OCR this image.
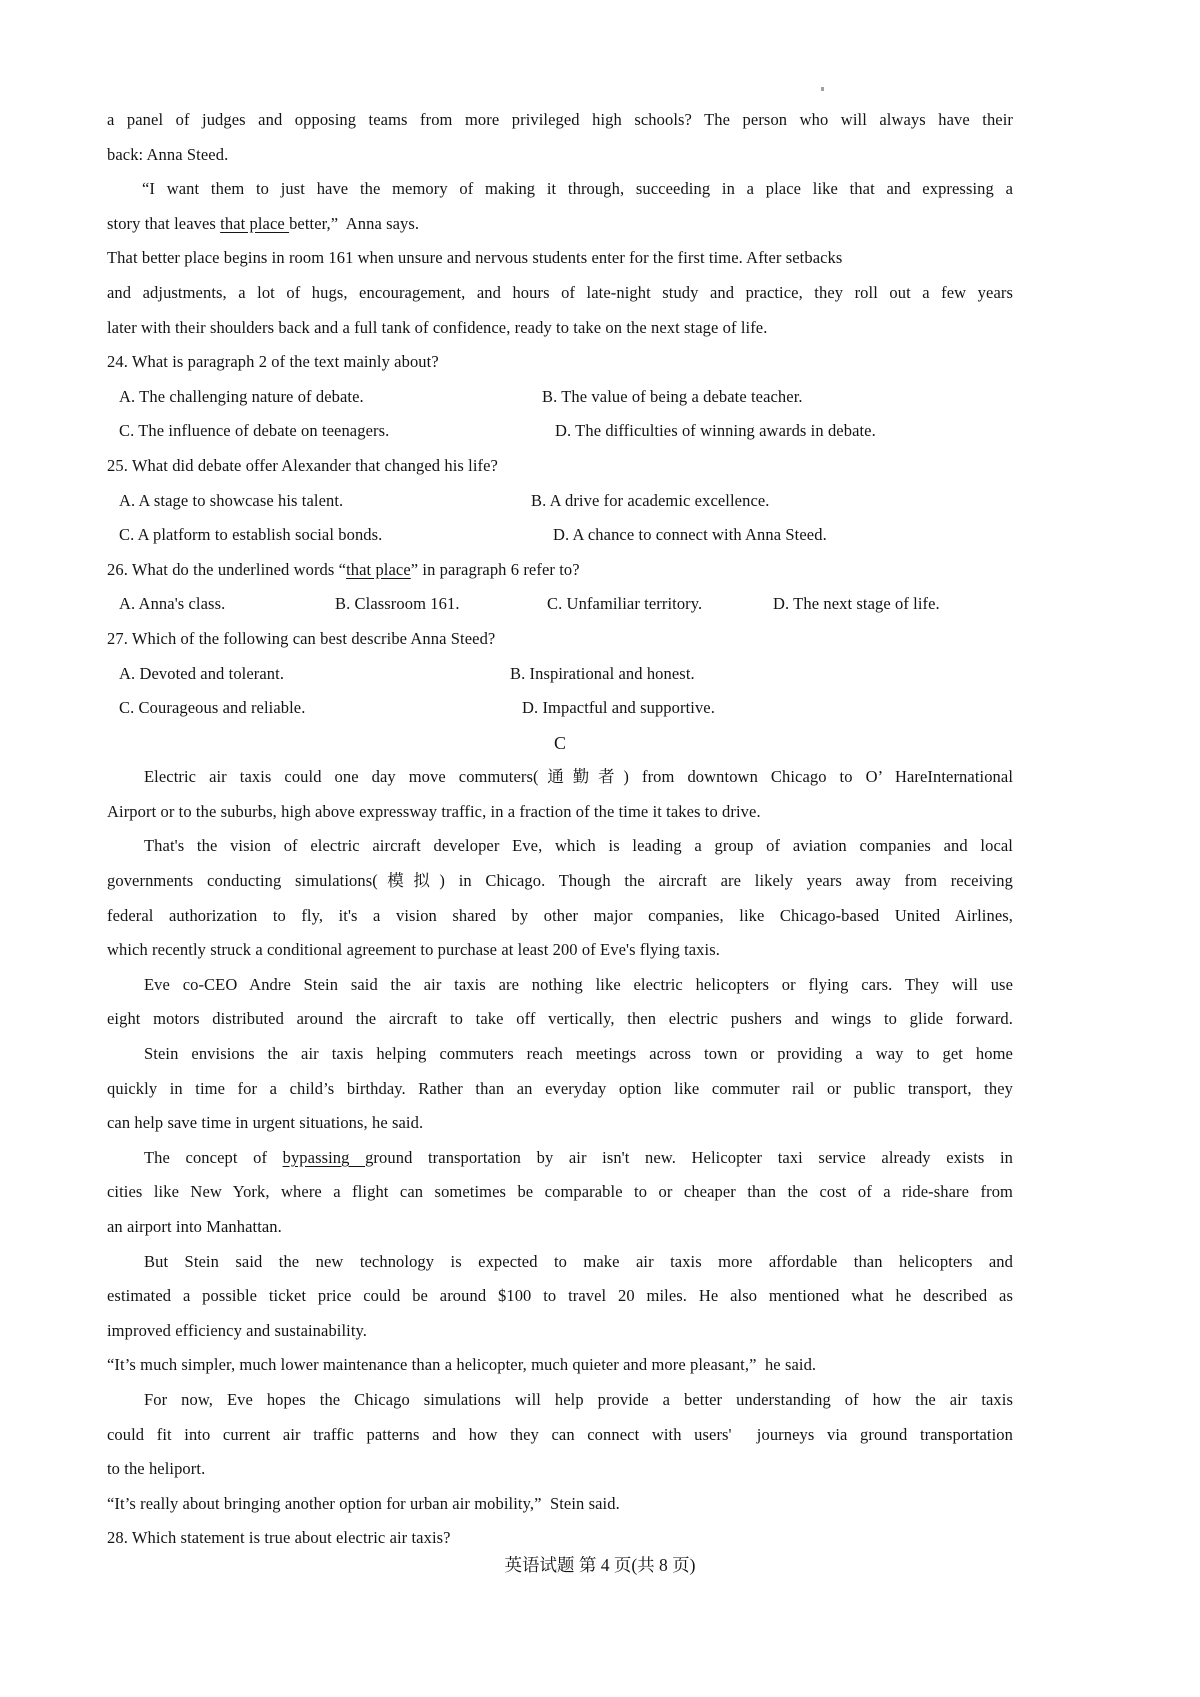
a panel of judges and opposing teams from more privileged high schools? The person who will always have their
back: Anna Steed.
“I want them to just have the memory of making it through, succeeding in a place like that and expressing a
story that leaves that place better,”  Anna says.
That better place begins in room 161 when unsure and nervous students enter for the first time. After setbacks
and adjustments, a lot of hugs, encouragement, and hours of late-night study and practice, they roll out a few years
later with their shoulders back and a full tank of confidence, ready to take on the next stage of life.
24. What is paragraph 2 of the text mainly about?
A. The challenging nature of debate.	B. The value of being a debate teacher.
C. The influence of debate on teenagers.	D. The difficulties of winning awards in debate.
25. What did debate offer Alexander that changed his life?
A. A stage to showcase his talent.	B. A drive for academic excellence.
C. A platform to establish social bonds.	D. A chance to connect with Anna Steed.
26. What do the underlined words “that place” in paragraph 6 refer to?
A. Anna's class.	B. Classroom 161.	C. Unfamiliar territory.	D. The next stage of life.
27. Which of the following can best describe Anna Steed?
A. Devoted and tolerant.	B. Inspirational and honest.
C. Courageous and reliable.	D. Impactful and supportive.
C
Electric air taxis could one day move commuters(通勤者) from downtown Chicago to O’ HareInternational
Airport or to the suburbs, high above expressway traffic, in a fraction of the time it takes to drive.
That's the vision of electric aircraft developer Eve, which is leading a group of aviation companies and local
governments conducting simulations(模拟) in Chicago. Though the aircraft are likely years away from receiving
federal authorization to fly, it's a vision shared by other major companies, like Chicago-based United Airlines,
which recently struck a conditional agreement to purchase at least 200 of Eve's flying taxis.
Eve co-CEO Andre Stein said the air taxis are nothing like electric helicopters or flying cars. They will use
eight motors distributed around the aircraft to take off vertically, then electric pushers and wings to glide forward.
Stein envisions the air taxis helping commuters reach meetings across town or providing a way to get home
quickly in time for a child’s birthday. Rather than an everyday option like commuter rail or public transport, they
can help save time in urgent situations, he said.
The concept of bypassing ground transportation by air isn't new. Helicopter taxi service already exists in
cities like New York, where a flight can sometimes be comparable to or cheaper than the cost of a ride-share from
an airport into Manhattan.
But Stein said the new technology is expected to make air taxis more affordable than helicopters and
estimated a possible ticket price could be around $100 to travel 20 miles. He also mentioned what he described as
improved efficiency and sustainability.
“It’s much simpler, much lower maintenance than a helicopter, much quieter and more pleasant,”  he said.
For now, Eve hopes the Chicago simulations will help provide a better understanding of how the air taxis
could fit into current air traffic patterns and how they can connect with users'  journeys via ground transportation
to the heliport.
“It’s really about bringing another option for urban air mobility,”  Stein said.
28. Which statement is true about electric air taxis?
英语试题 第 4 页(共 8 页)
